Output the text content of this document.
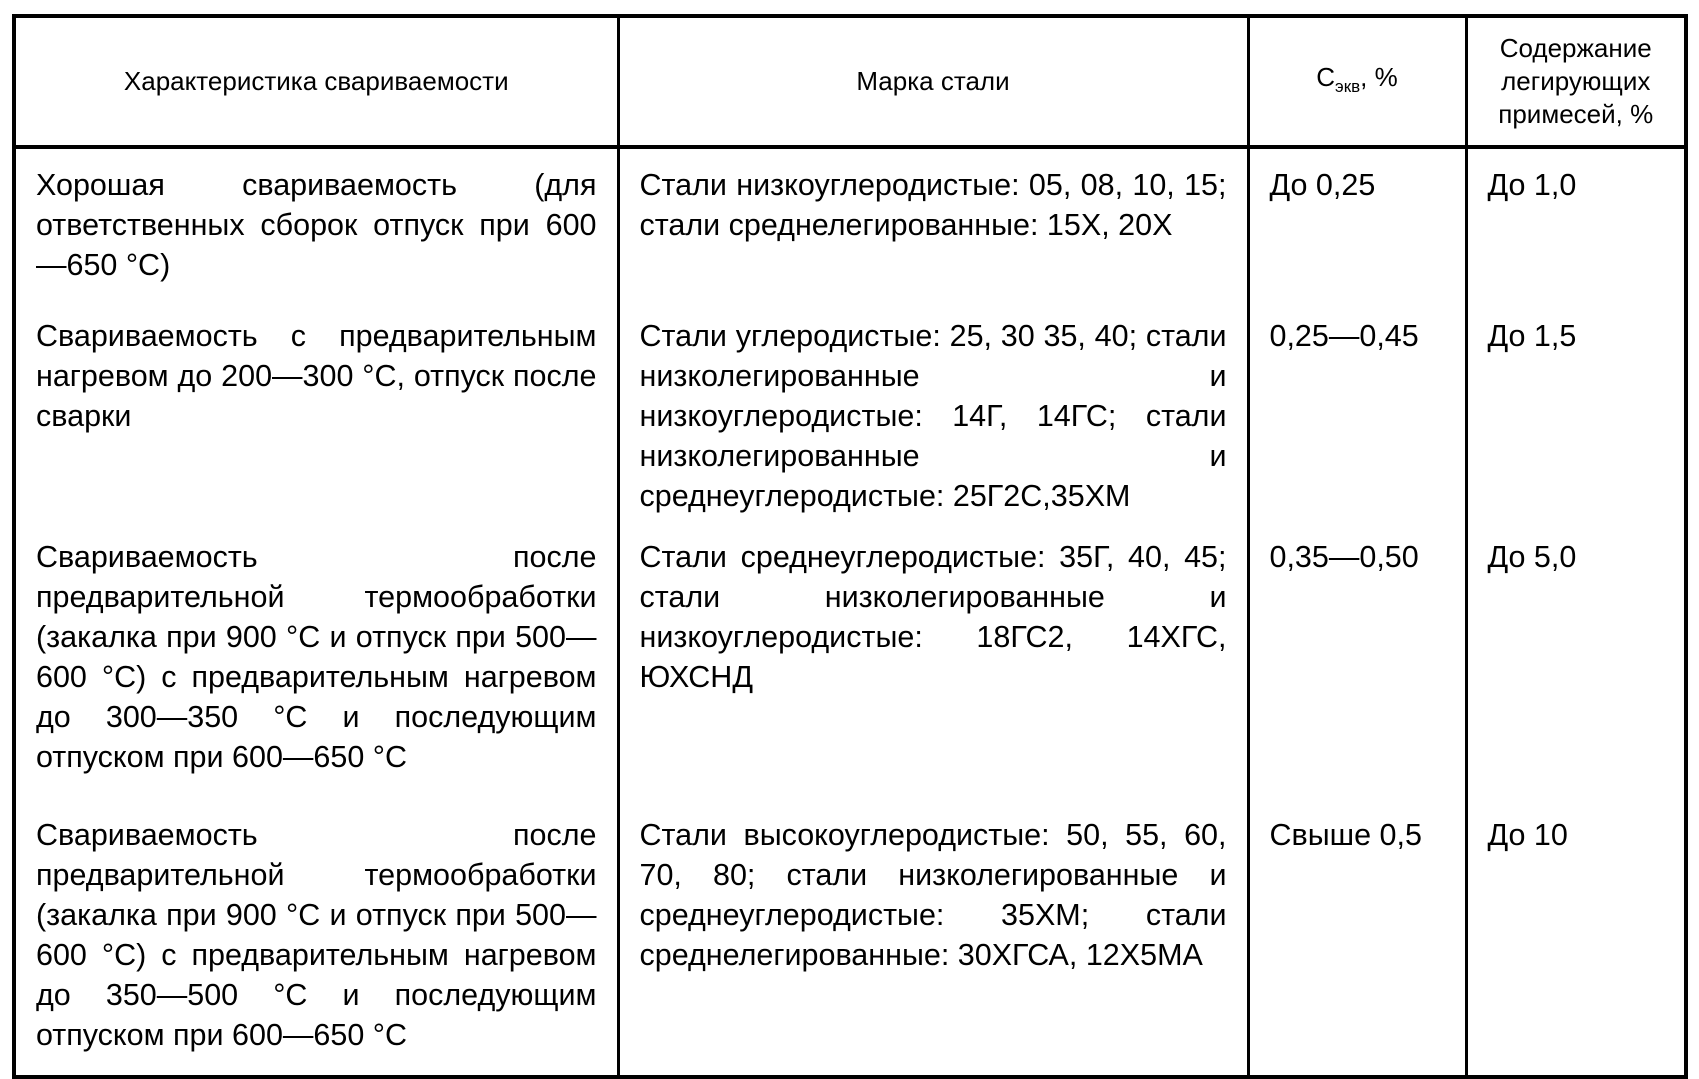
Характеристика свариваемости	Марка стали	$С_{экв}$, %	Содержание легирующих примесей, %

Хорошая свариваемость (для ответственных сборок отпуск при 600—650 °С)	Стали низкоуглеродистые: 05, 08, 10, 15; стали среднелегированные: 15Х, 20Х	До 0,25	До 1,0

Свариваемость с предварительным нагревом до 200—300 °С, отпуск после сварки	Стали углеродистые: 25, 30 35, 40; стали низколегированные и низкоуглеродистые: 14Г, 14ГС; стали низколегированные и среднеуглеродистые: 25Г2С,35ХМ	0,25—0,45	До 1,5

Свариваемость после предварительной термообработки (закалка при 900 °С и отпуск при 500—600 °С) с предварительным нагревом до 300—350 °С и последующим отпуском при 600—650 °С	Стали среднеуглеродистые: 35Г, 40, 45; стали низколегированные и низкоуглеродистые: 18ГС2, 14ХГС, ЮХСНД	0,35—0,50	До 5,0

Свариваемость после предварительной термообработки (закалка при 900 °С и отпуск при 500—600 °С) с предварительным нагревом до 350—500 °С и последующим отпуском при 600—650 °С	Стали высокоуглеродистые: 50, 55, 60, 70, 80; стали низколегированные и среднеуглеродистые: 35ХМ; стали среднелегированные: 30ХГСА, 12Х5МА	Свыше 0,5	До 10
